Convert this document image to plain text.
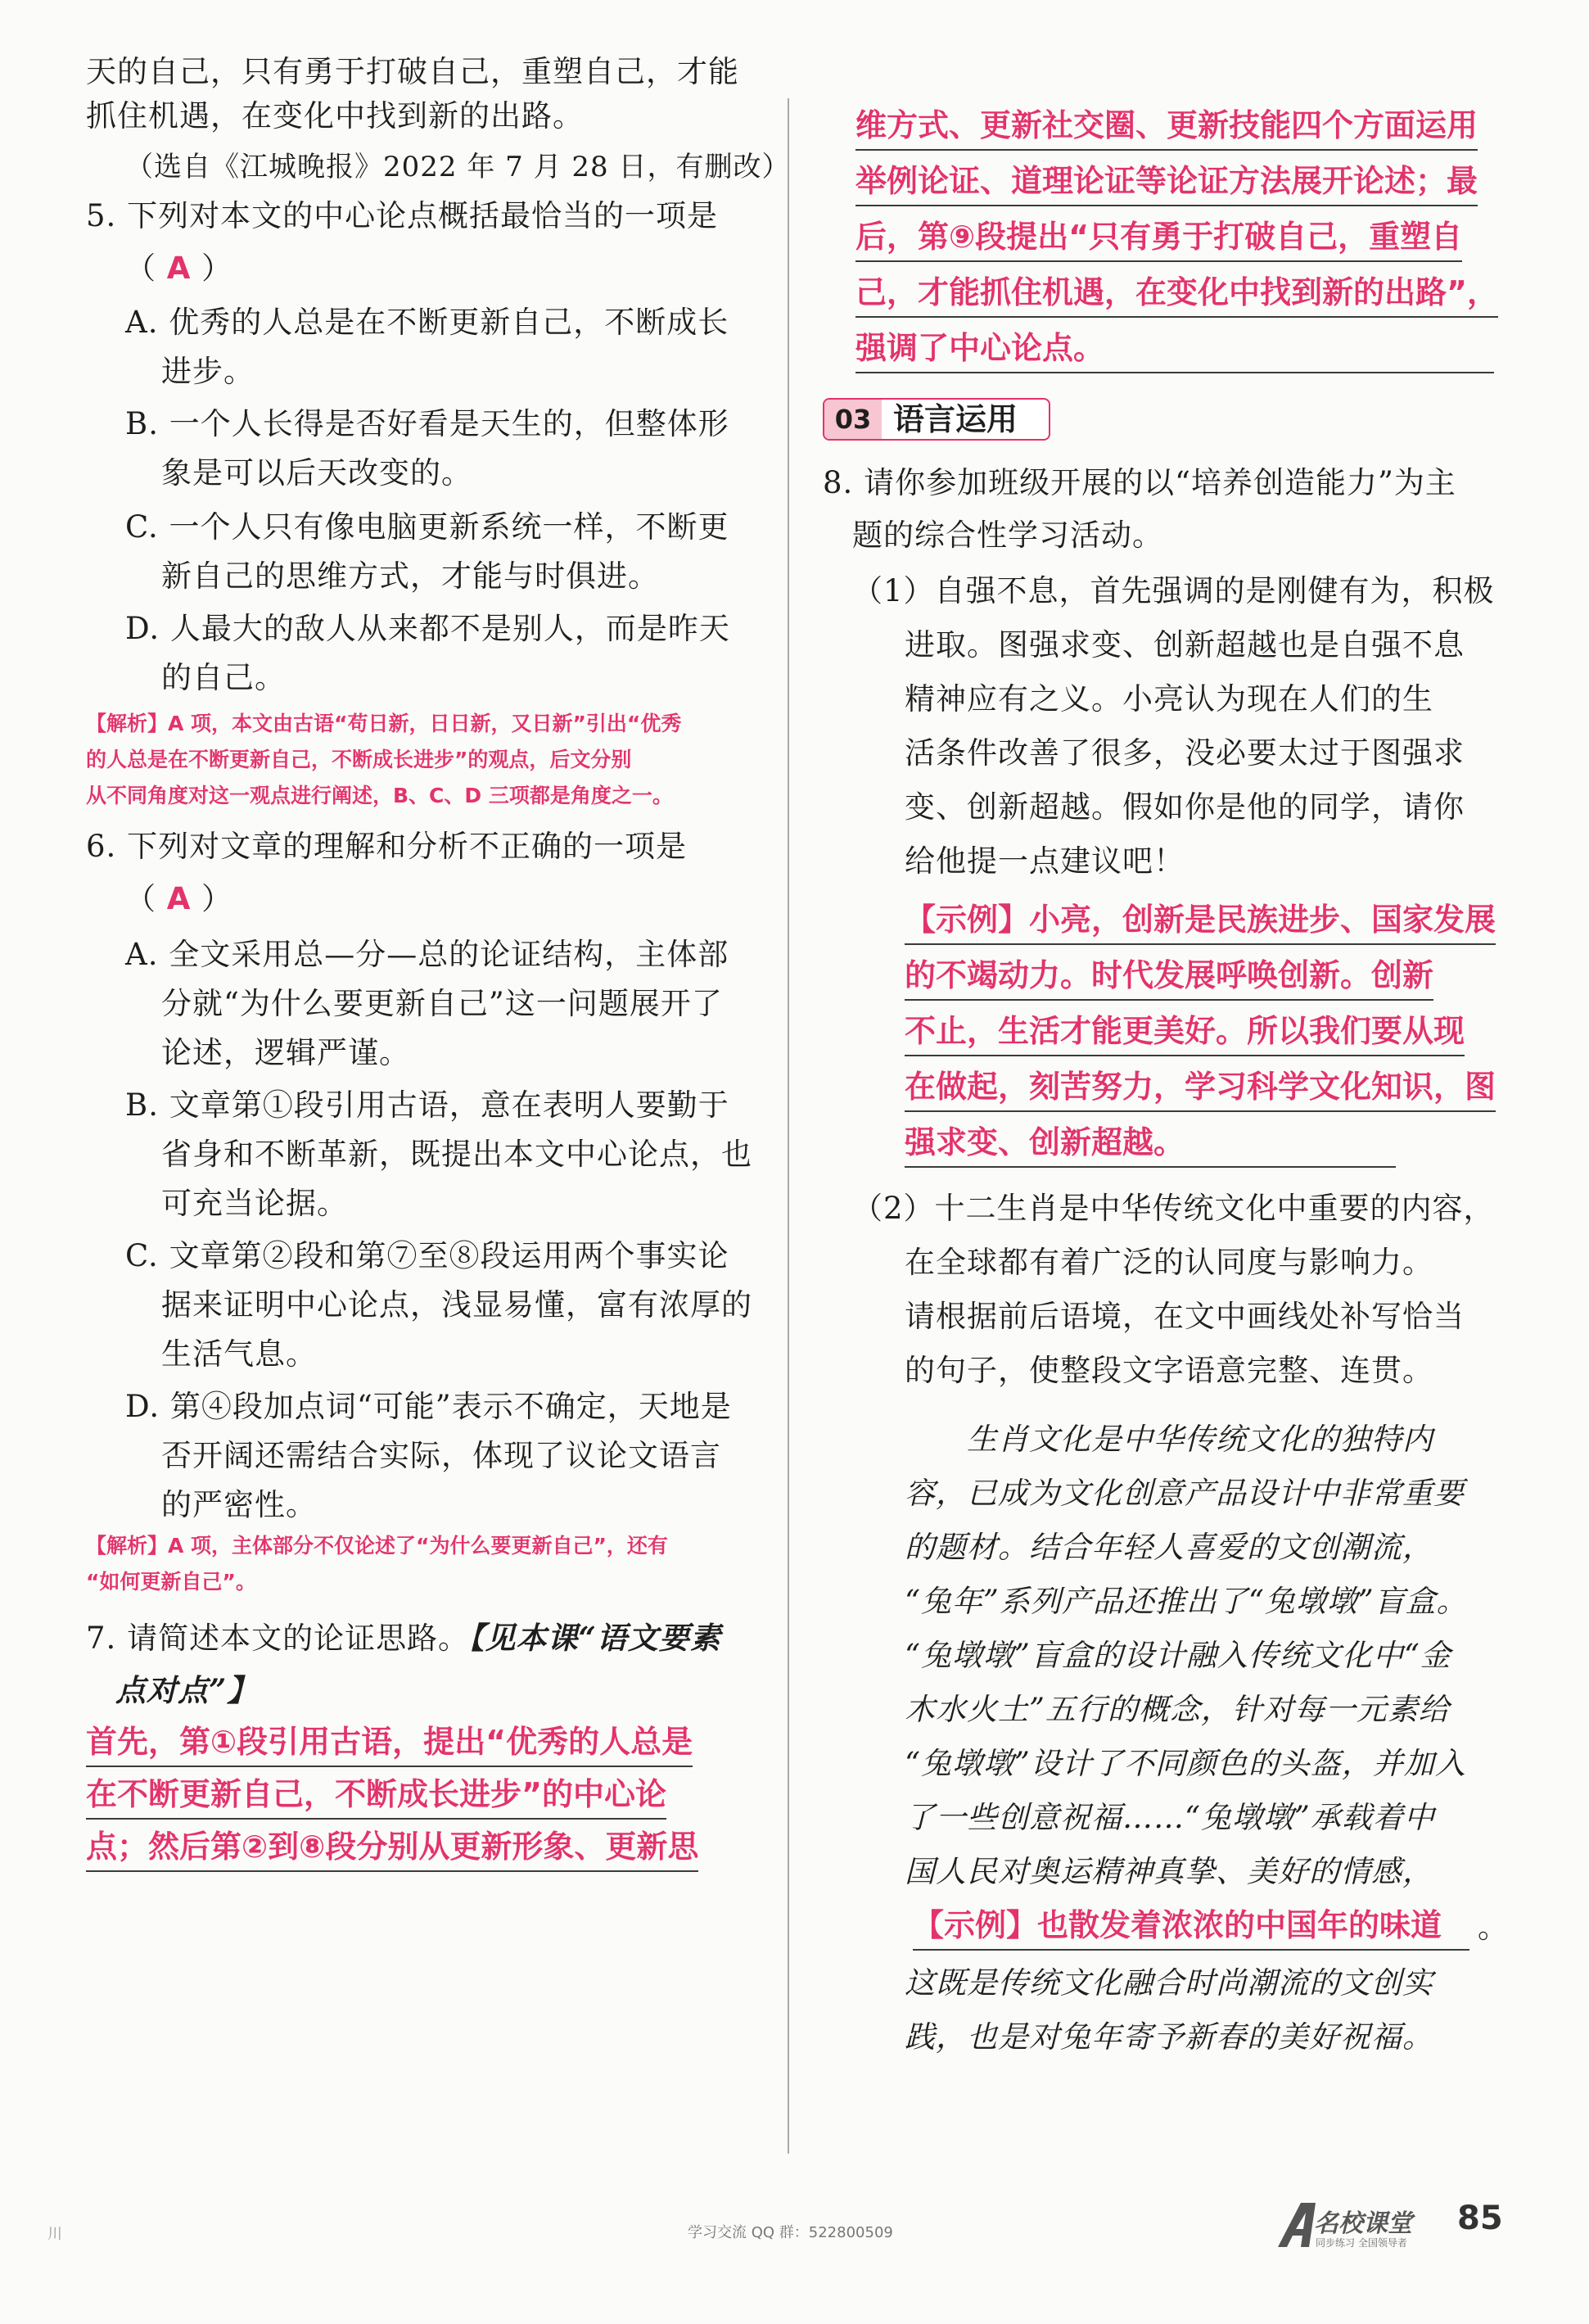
天的自己，只有勇于打破自己，重塑自己，才能
抓住机遇，在变化中找到新的出路。
（选自《江城晚报》2022 年 7 月 28 日，有删改）
5. 下列对本文的中心论点概括最恰当的一项是
（ A ）
A. 优秀的人总是在不断更新自己，不断成长
进步。
B. 一个人长得是否好看是天生的，但整体形
象是可以后天改变的。
C. 一个人只有像电脑更新系统一样，不断更
新自己的思维方式，才能与时俱进。
D. 人最大的敌人从来都不是别人，而是昨天
的自己。
【解析】A 项，本文由古语“苟日新，日日新，又日新”引出“优秀
的人总是在不断更新自己，不断成长进步”的观点，后文分别
从不同角度对这一观点进行阐述，B、C、D 三项都是角度之一。
6. 下列对文章的理解和分析不正确的一项是
（ A ）
A. 全文采用总—分—总的论证结构，主体部
分就“为什么要更新自己”这一问题展开了
论述，逻辑严谨。
B. 文章第①段引用古语，意在表明人要勤于
省身和不断革新，既提出本文中心论点，也
可充当论据。
C. 文章第②段和第⑦至⑧段运用两个事实论
据来证明中心论点，浅显易懂，富有浓厚的
生活气息。
D. 第④段加点词“可能”表示不确定，天地是
否开阔还需结合实际，体现了议论文语言
的严密性。
【解析】A 项，主体部分不仅论述了“为什么要更新自己”，还有
“如何更新自己”。
7. 请简述本文的论证思路。【见本课“语文要素
点对点”】
首先，第①段引用古语，提出“优秀的人总是
在不断更新自己，不断成长进步”的中心论
点；然后第②到⑧段分别从更新形象、更新思
维方式、更新社交圈、更新技能四个方面运用
举例论证、道理论证等论证方法展开论述；最
后，第⑨段提出“只有勇于打破自己，重塑自
己，才能抓住机遇，在变化中找到新的出路”，
强调了中心论点。
03 语言运用
8. 请你参加班级开展的以“培养创造能力”为主
题的综合性学习活动。
（1）自强不息，首先强调的是刚健有为，积极
进取。图强求变、创新超越也是自强不息
精神应有之义。小亮认为现在人们的生
活条件改善了很多，没必要太过于图强求
变、创新超越。假如你是他的同学，请你
给他提一点建议吧！
【示例】小亮，创新是民族进步、国家发展
的不竭动力。时代发展呼唤创新。创新
不止，生活才能更美好。所以我们要从现
在做起，刻苦努力，学习科学文化知识，图
强求变、创新超越。
（2）十二生肖是中华传统文化中重要的内容，
在全球都有着广泛的认同度与影响力。
请根据前后语境，在文中画线处补写恰当
的句子，使整段文字语意完整、连贯。
生肖文化是中华传统文化的独特内
容，已成为文化创意产品设计中非常重要
的题材。结合年轻人喜爱的文创潮流，
“兔年”系列产品还推出了“兔墩墩”盲盒。
“兔墩墩”盲盒的设计融入传统文化中“金
木水火土”五行的概念，针对每一元素给
“兔墩墩”设计了不同颜色的头盔，并加入
了一些创意祝福……“兔墩墩”承载着中
国人民对奥运精神真挚、美好的情感，
【示例】也散发着浓浓的中国年的味道	。
这既是传统文化融合时尚潮流的文创实
践，也是对兔年寄予新春的美好祝福。
川	学习交流 QQ 群：522800509	名校课堂
同步练习 全国领导者
85
